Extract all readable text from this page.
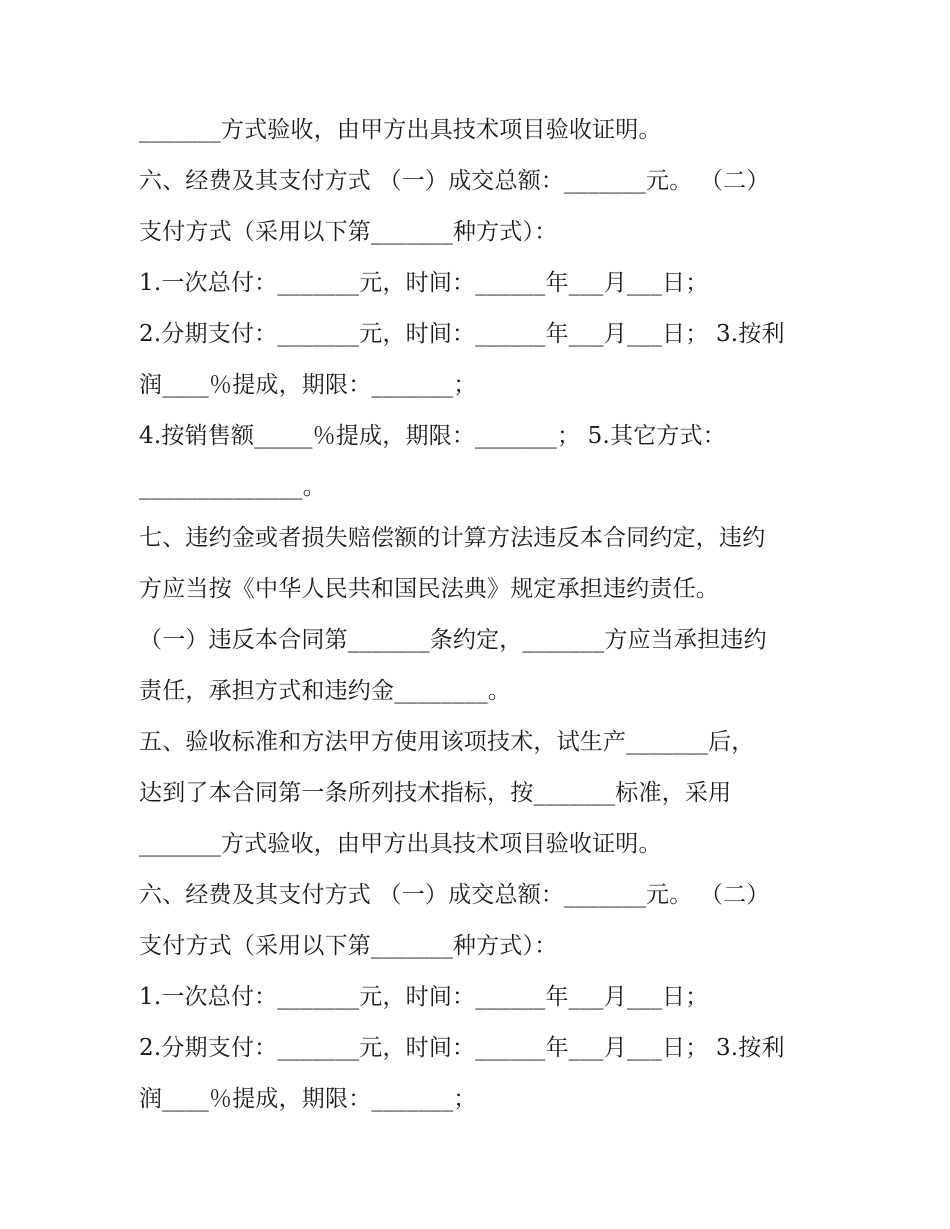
_______方式验收，由甲方出具技术项目验收证明。
六、经费及其支付方式 （一）成交总额：_______元。 （二）
支付方式（采用以下第_______种方式）：
1.一次总付：_______元，时间：______年___月___日；
2.分期支付：_______元，时间：______年___月___日； 3.按利
润____％提成，期限：_______；
4.按销售额_____％提成，期限：_______； 5.其它方式：
______________。
七、违约金或者损失赔偿额的计算方法违反本合同约定，违约
方应当按《中华人民共和国民法典》规定承担违约责任。
（一）违反本合同第_______条约定，_______方应当承担违约
责任，承担方式和违约金________。
五、验收标准和方法甲方使用该项技术，试生产_______后，
达到了本合同第一条所列技术指标，按_______标准，采用
_______方式验收，由甲方出具技术项目验收证明。
六、经费及其支付方式 （一）成交总额：_______元。 （二）
支付方式（采用以下第_______种方式）：
1.一次总付：_______元，时间：______年___月___日；
2.分期支付：_______元，时间：______年___月___日； 3.按利
润____％提成，期限：_______；
